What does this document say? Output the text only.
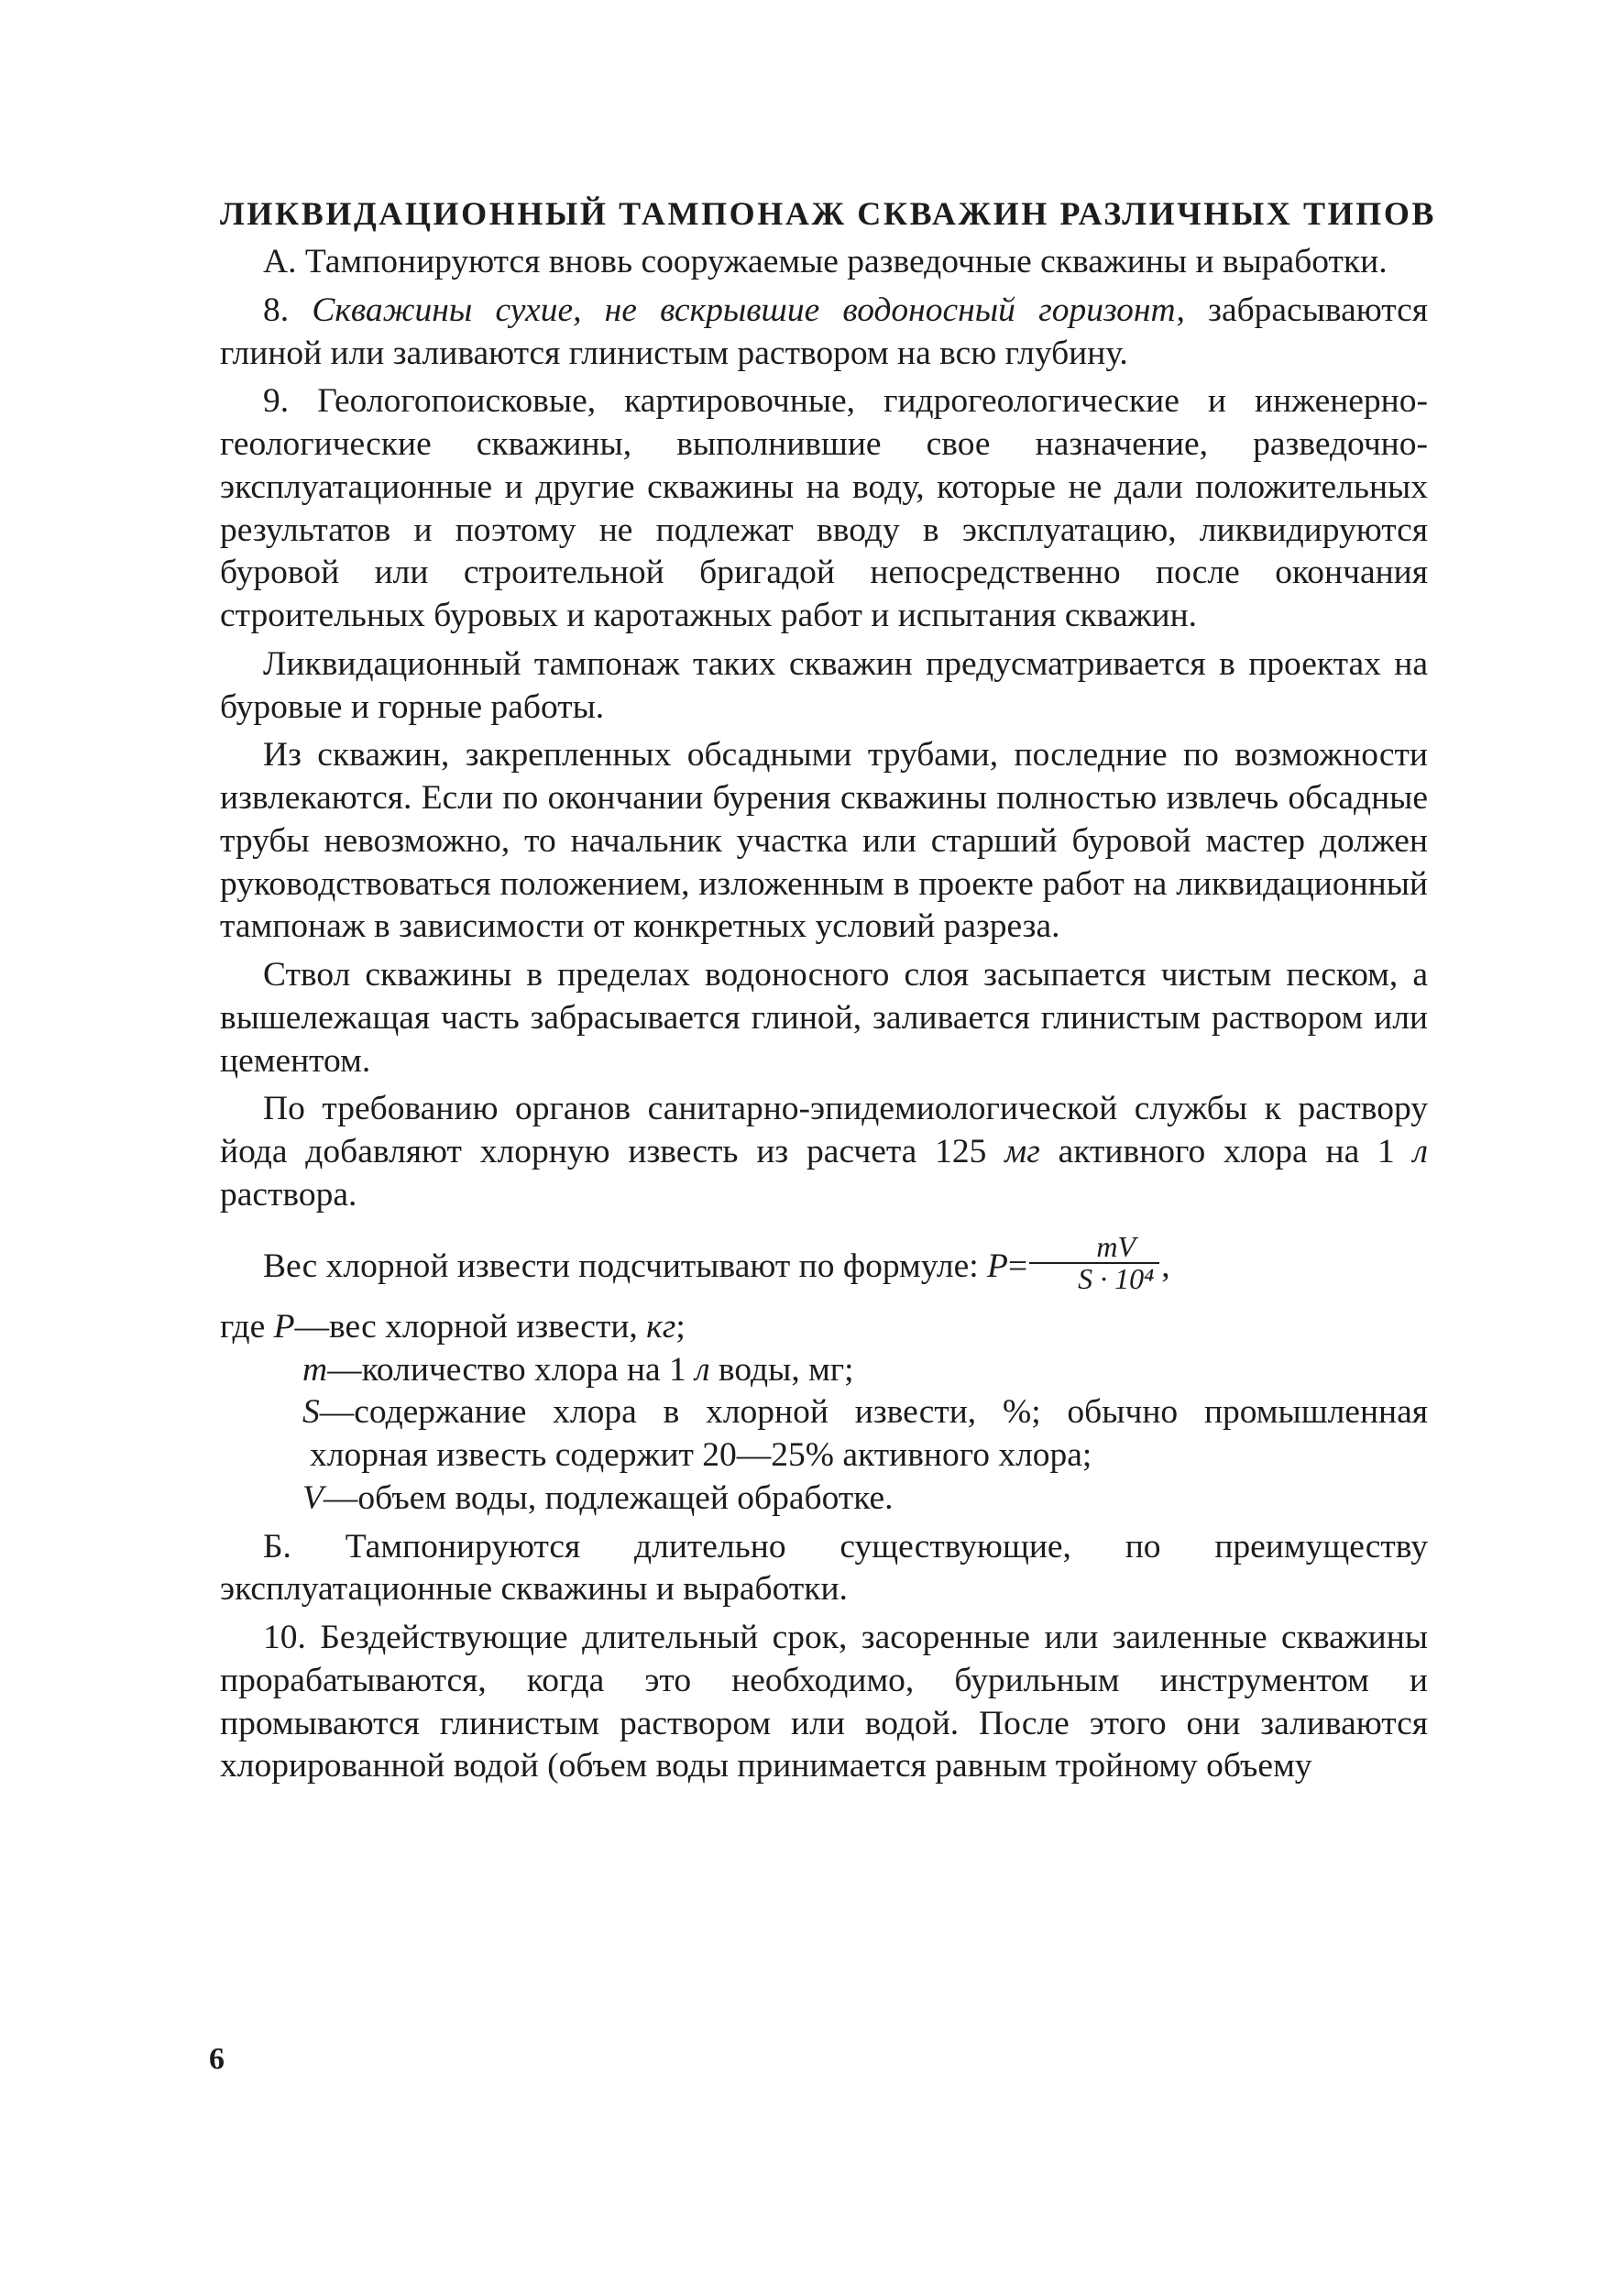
ЛИКВИДАЦИОННЫЙ ТАМПОНАЖ СКВАЖИН РАЗЛИЧНЫХ ТИПОВ

А. Тампонируются вновь сооружаемые разведочные скважины и выработки.

8. Скважины сухие, не вскрывшие водоносный горизонт, забрасываются глиной или заливаются глинистым раствором на всю глубину.

9. Геологопоисковые, картировочные, гидрогеологические и инженерно-геологические скважины, выполнившие свое назначение, разведочно-эксплуатационные и другие скважины на воду, которые не дали положительных результатов и поэтому не подлежат вводу в эксплуатацию, ликвидируются буровой или строительной бригадой непосредственно после окончания строительных буровых и каротажных работ и испытания скважин.

Ликвидационный тампонаж таких скважин предусматривается в проектах на буровые и горные работы.

Из скважин, закрепленных обсадными трубами, последние по возможности извлекаются. Если по окончании бурения скважины полностью извлечь обсадные трубы невозможно, то начальник участка или старший буровой мастер должен руководствоваться положением, изложенным в проекте работ на ликвидационный тампонаж в зависимости от конкретных условий разреза.

Ствол скважины в пределах водоносного слоя засыпается чистым песком, а вышележащая часть забрасывается глиной, заливается глинистым раствором или цементом.

По требованию органов санитарно-эпидемиологической службы к раствору йода добавляют хлорную известь из расчета 125 мг активного хлора на 1 л раствора.

Вес хлорной извести подсчитывают по формуле: $P= \frac{mV}{\text{S · 10⁴}}$ ,

где P—вес хлорной извести, кг;

m—количество хлора на 1 л воды, мг;

S—содержание хлора в хлорной извести, %; обычно промышленная хлорная известь содержит 20—25% активного хлора;

V—объем воды, подлежащей обработке.

Б. Тампонируются длительно существующие, по преимуществу эксплуатационные скважины и выработки.

10. Бездействующие длительный срок, засоренные или заиленные скважины прорабатываются, когда это необходимо, бурильным инструментом и промываются глинистым раствором или водой. После этого они заливаются хлорированной водой (объем воды принимается равным тройному объему

6
